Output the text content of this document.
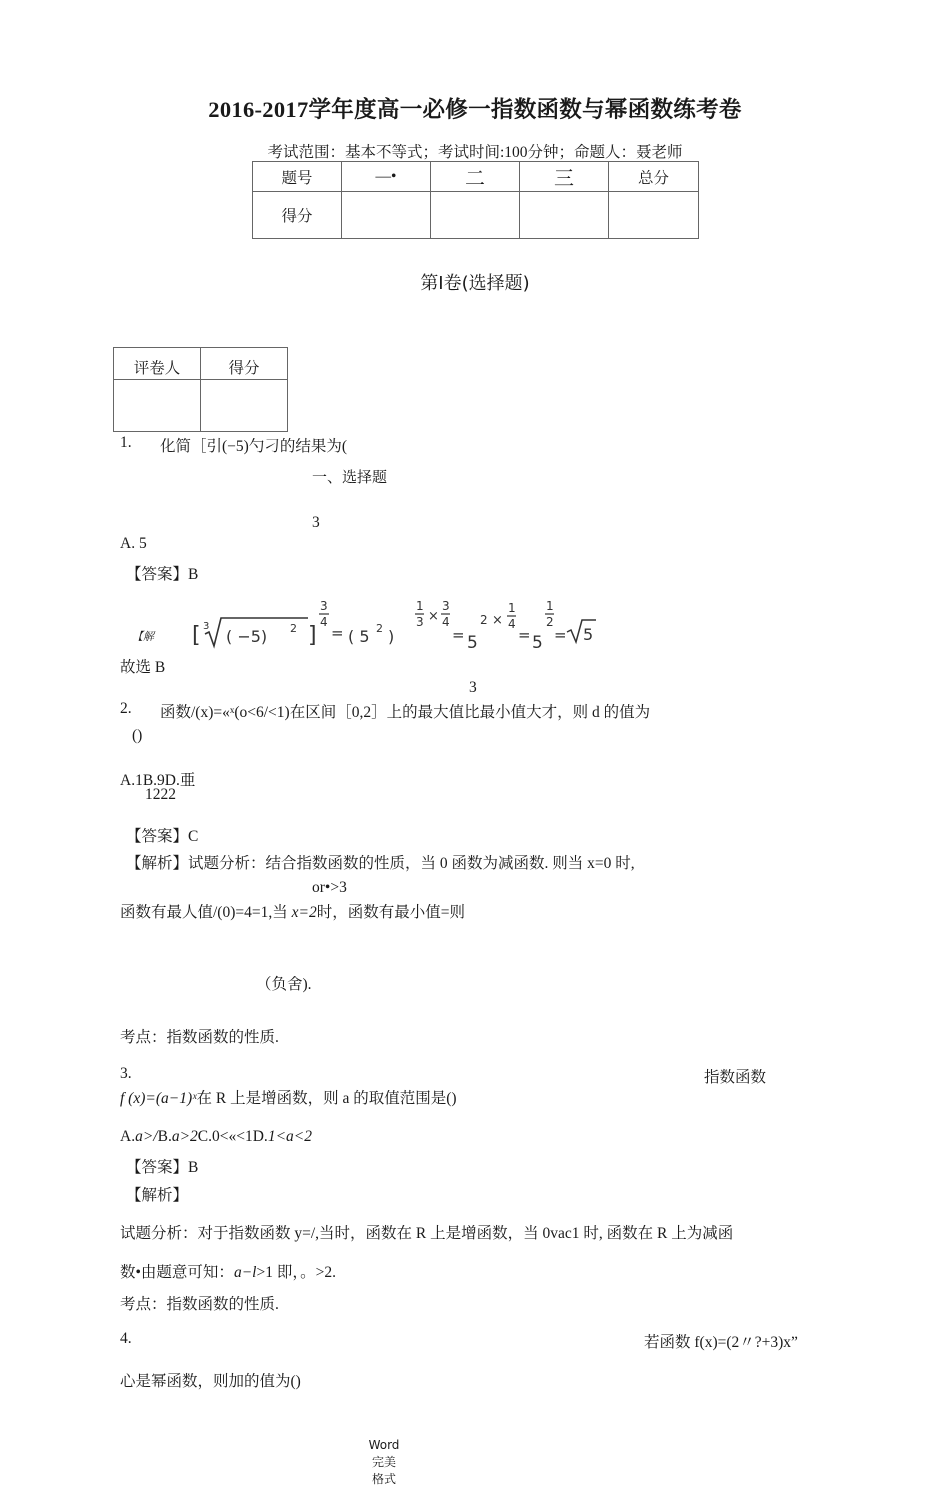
2016-2017学年度高一必修一指数函数与幂函数练考卷
考试范围：基本不等式；考试时间:100分钟；命题人：聂老师
题号	—•	二	三	总分
得分				
第I卷(选择题)
评卷人	得分

1. 化简［引(−5)勺刁的结果为(
一、选择题
3
A. 5
【答案】B
【解 [ 3
( −5) 2 ]
3
4
= ( 5 2 )
1
3 ×
3
4
= 5
2 ×
1
4
= 5
1
2
= 5
故选 B
3
2. 函数/(x)=«ˣ(o<6/<1)在区间［0,2］上的最大值比最小值大才，则 d 的值为
()
A.1B.9D.亜
1222
【答案】C
【解析】试题分析：结合指数函数的性质，当 0 函数为减函数. 则当 x=0 时,
or•>3
函数有最人值/(0)=4=1,当 x=2时，函数有最小值=则
（负舍).
考点：指数函数的性质.
3.	指数函数
f (x)=(a−1)ˣ在 R 上是增函数，则 a 的取值范围是()
A.a>/B.a>2C.0<«<1D.1<a<2
【答案】B
【解析】
试题分析：对于指数函数 y=/,当时，函数在 R 上是增函数，当 0vac1 时, 函数在 R 上为减函
数•由题意可知：a−l>1 即，。>2.
考点：指数函数的性质.
4.	若函数 f(x)=(2〃?+3)x”
心是幂函数，则加的值为()
Word
完美
格式
